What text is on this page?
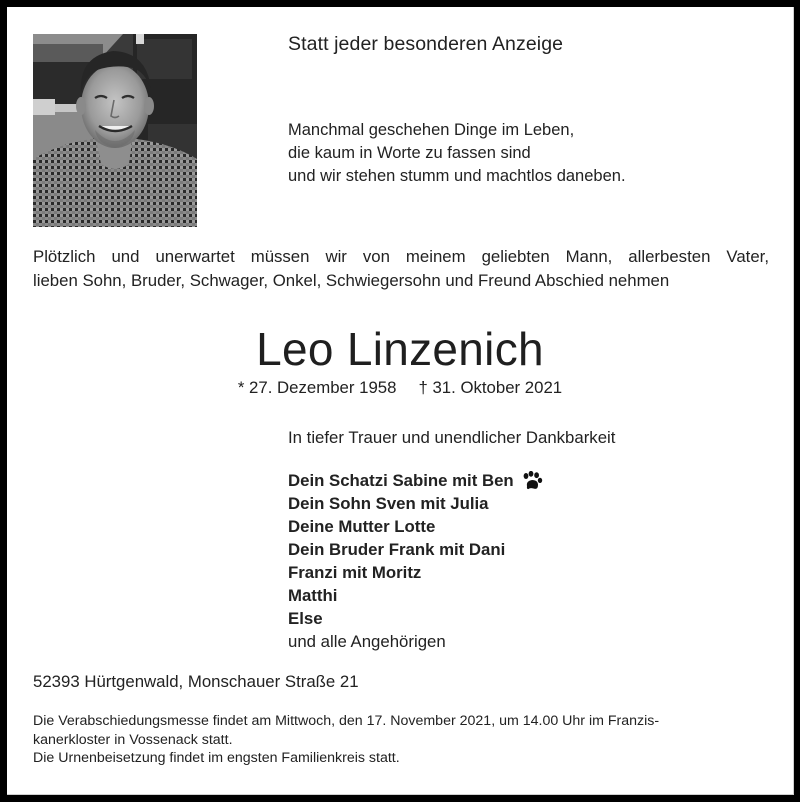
Statt jeder besonderen Anzeige
Manchmal geschehen Dinge im Leben,
die kaum in Worte zu fassen sind
und wir stehen stumm und machtlos daneben.
Plötzlich und unerwartet müssen wir von meinem geliebten Mann, allerbesten Vater,
lieben Sohn, Bruder, Schwager, Onkel, Schwiegersohn und Freund Abschied nehmen
Leo Linzenich
* 27. Dezember 1958 † 31. Oktober 2021
In tiefer Trauer und unendlicher Dankbarkeit
Dein Schatzi Sabine mit Ben
Dein Sohn Sven mit Julia
Deine Mutter Lotte
Dein Bruder Frank mit Dani
Franzi mit Moritz
Matthi
Else
und alle Angehörigen
52393 Hürtgenwald, Monschauer Straße 21
Die Verabschiedungsmesse findet am Mittwoch, den 17. November 2021, um 14.00 Uhr im Franzis-
kanerkloster in Vossenack statt.
Die Urnenbeisetzung findet im engsten Familienkreis statt.
